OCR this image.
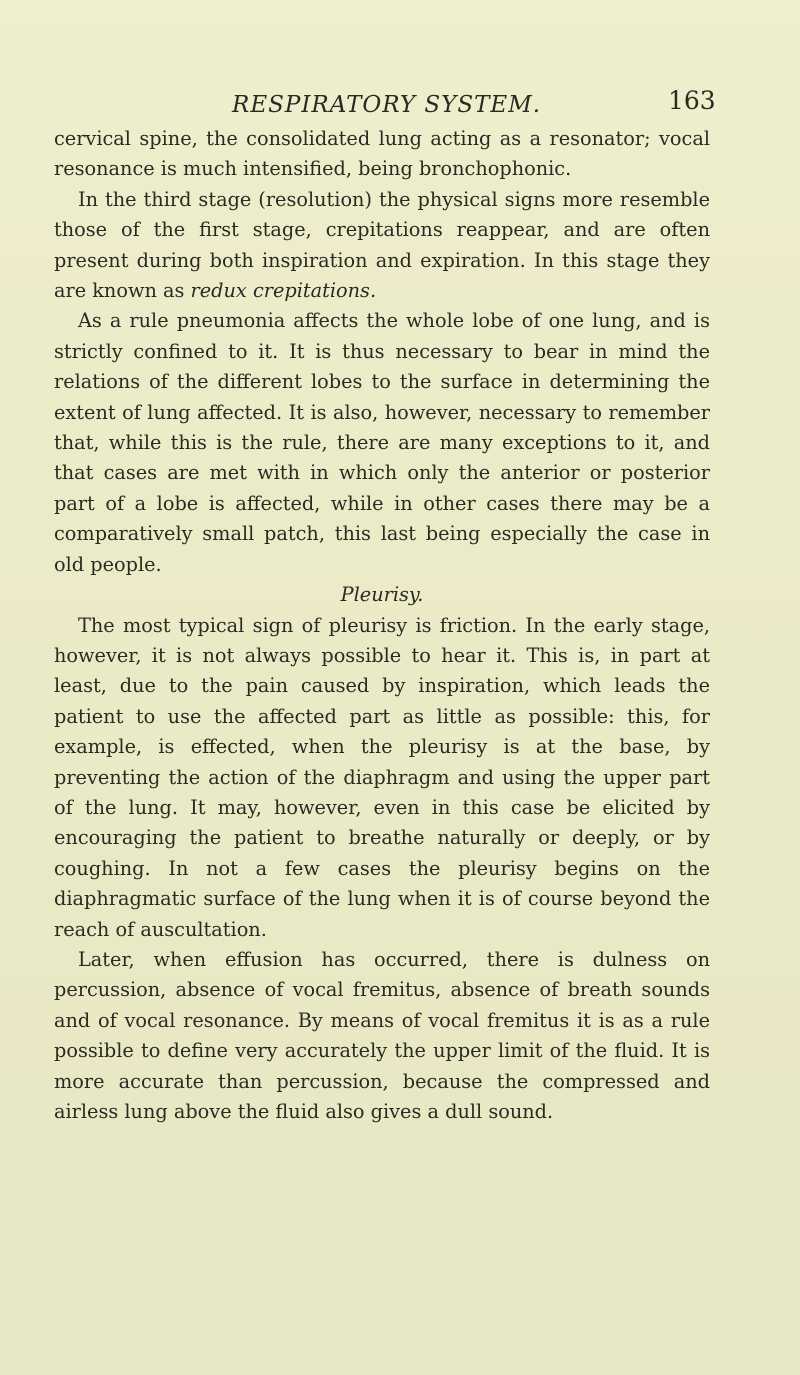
RESPIRATORY SYSTEM.	163

cervical spine, the consolidated lung acting as a resonator; vocal resonance is much intensified, being bronchophonic.

In the third stage (resolution) the physical signs more resemble those of the first stage, crepitations reappear, and are often present during both inspiration and expiration. In this stage they are known as redux crepitations.

As a rule pneumonia affects the whole lobe of one lung, and is strictly confined to it. It is thus necessary to bear in mind the relations of the different lobes to the surface in determining the extent of lung affected. It is also, however, necessary to remember that, while this is the rule, there are many exceptions to it, and that cases are met with in which only the anterior or posterior part of a lobe is affected, while in other cases there may be a comparatively small patch, this last being especially the case in old people.

Pleurisy.

The most typical sign of pleurisy is friction. In the early stage, however, it is not always possible to hear it. This is, in part at least, due to the pain caused by inspiration, which leads the patient to use the affected part as little as possible: this, for example, is effected, when the pleurisy is at the base, by preventing the action of the diaphragm and using the upper part of the lung. It may, however, even in this case be elicited by encouraging the patient to breathe naturally or deeply, or by coughing. In not a few cases the pleurisy begins on the diaphragmatic surface of the lung when it is of course beyond the reach of auscultation.

Later, when effusion has occurred, there is dulness on percussion, absence of vocal fremitus, absence of breath sounds and of vocal resonance. By means of vocal fremitus it is as a rule possible to define very accurately the upper limit of the fluid. It is more accurate than percussion, because the compressed and airless lung above the fluid also gives a dull sound.
